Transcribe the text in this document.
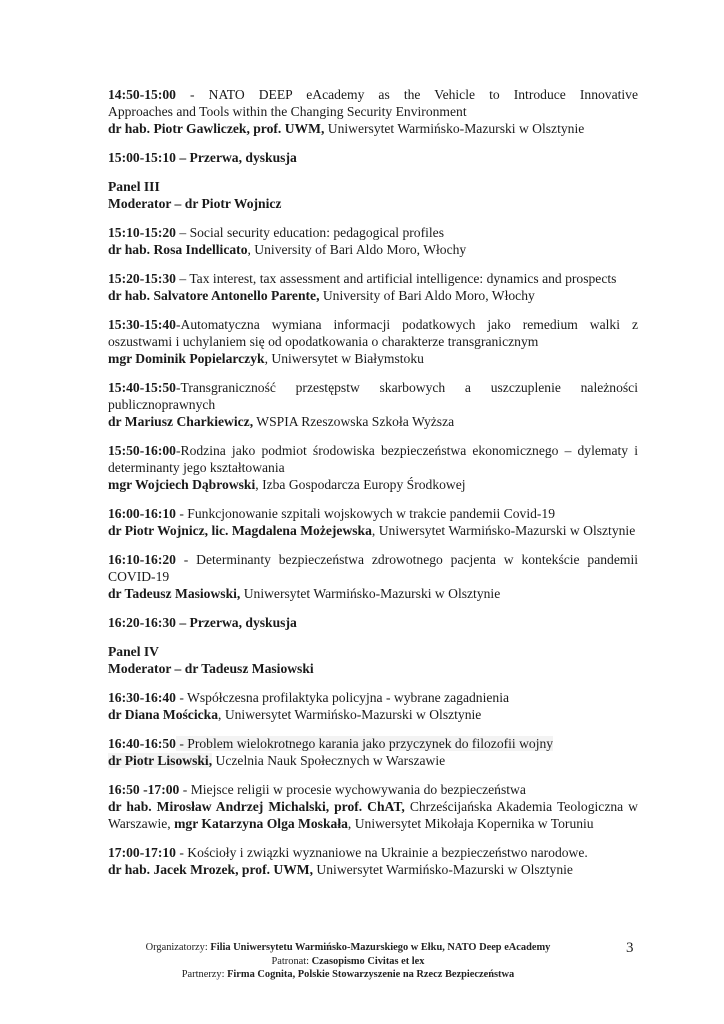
14:50-15:00 - NATO DEEP eAcademy as the Vehicle to Introduce Innovative

Approaches and Tools within the Changing Security Environment

dr hab. Piotr Gawliczek, prof. UWM, Uniwersytet Warmińsko-Mazurski w Olsztynie

15:00-15:10 – Przerwa, dyskusja

Panel III

Moderator – dr Piotr Wojnicz

15:10-15:20 – Social security education: pedagogical profiles

dr hab. Rosa Indellicato, University of Bari Aldo Moro, Włochy

15:20-15:30 – Tax interest, tax assessment and artificial intelligence: dynamics and prospects

dr hab. Salvatore Antonello Parente, University of Bari Aldo Moro, Włochy

15:30-15:40-Automatyczna wymiana informacji podatkowych jako remedium walki z

oszustwami i uchylaniem się od opodatkowania o charakterze transgranicznym

mgr Dominik Popielarczyk, Uniwersytet w Białymstoku

15:40-15:50-Transgraniczność przestępstw skarbowych a uszczuplenie należności

publicznoprawnych

dr Mariusz Charkiewicz, WSPIA Rzeszowska Szkoła Wyższa

15:50-16:00-Rodzina jako podmiot środowiska bezpieczeństwa ekonomicznego – dylematy i

determinanty jego kształtowania

mgr Wojciech Dąbrowski, Izba Gospodarcza Europy Środkowej

16:00-16:10 - Funkcjonowanie szpitali wojskowych w trakcie pandemii Covid-19

dr Piotr Wojnicz, lic. Magdalena Możejewska, Uniwersytet Warmińsko-Mazurski w Olsztynie

16:10-16:20 - Determinanty bezpieczeństwa zdrowotnego pacjenta w kontekście pandemii

COVID-19

dr Tadeusz Masiowski, Uniwersytet Warmińsko-Mazurski w Olsztynie

16:20-16:30 – Przerwa, dyskusja

Panel IV

Moderator – dr Tadeusz Masiowski

16:30-16:40 - Współczesna profilaktyka policyjna - wybrane zagadnienia

dr Diana Mościcka, Uniwersytet Warmińsko-Mazurski w Olsztynie

16:40-16:50 - Problem wielokrotnego karania jako przyczynek do filozofii wojny

dr Piotr Lisowski, Uczelnia Nauk Społecznych w Warszawie

16:50 -17:00 - Miejsce religii w procesie wychowywania do bezpieczeństwa

dr hab. Mirosław Andrzej Michalski, prof. ChAT, Chrześcijańska Akademia Teologiczna w Warszawie, mgr Katarzyna Olga Moskała, Uniwersytet Mikołaja Kopernika w Toruniu

17:00-17:10 - Kościoły i związki wyznaniowe na Ukrainie a bezpieczeństwo narodowe.

dr hab. Jacek Mrozek, prof. UWM, Uniwersytet Warmińsko-Mazurski w Olsztynie

Organizatorzy: Filia Uniwersytetu Warmińsko-Mazurskiego w Ełku, NATO Deep eAcademy
Patronat: Czasopismo Civitas et lex
Partnerzy: Firma Cognita, Polskie Stowarzyszenie na Rzecz Bezpieczeństwa
3
